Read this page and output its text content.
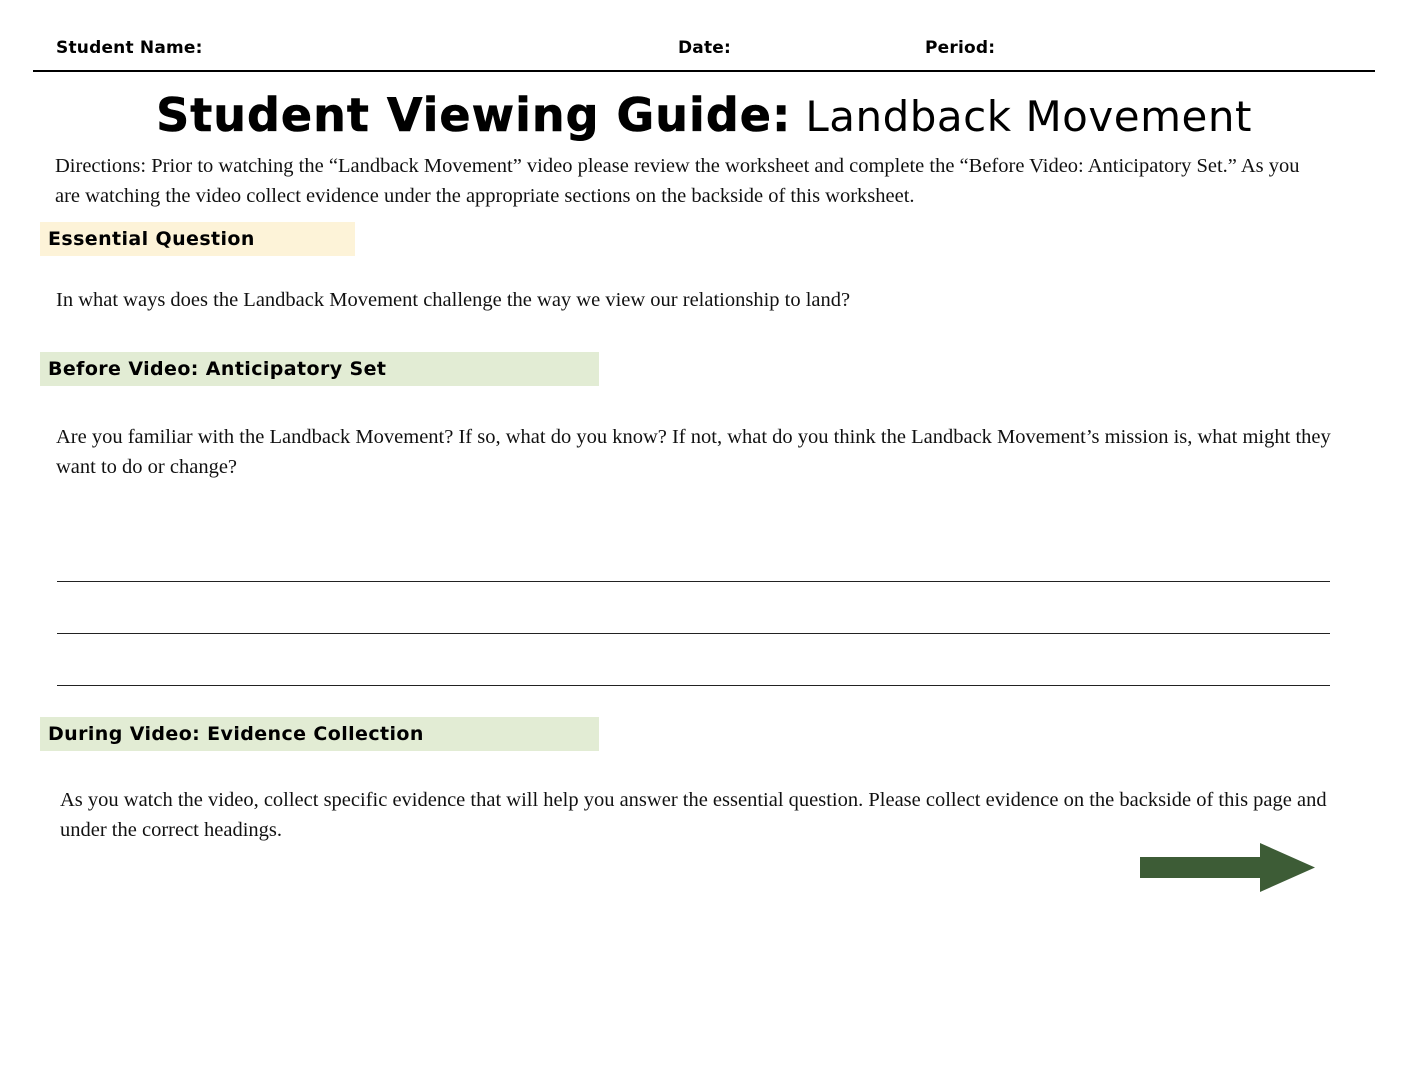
Student Name:	Date:	Period:
Student Viewing Guide: Landback Movement
Directions: Prior to watching the “Landback Movement” video please review the worksheet and complete the “Before Video: Anticipatory Set.” As you are watching the video collect evidence under the appropriate sections on the backside of this worksheet.
Essential Question
In what ways does the Landback Movement challenge the way we view our relationship to land?
Before Video: Anticipatory Set
Are you familiar with the Landback Movement? If so, what do you know? If not, what do you think the Landback Movement’s mission is, what might they want to do or change?
During Video: Evidence Collection
As you watch the video, collect specific evidence that will help you answer the essential question. Please collect evidence on the backside of this page and under the correct headings.
